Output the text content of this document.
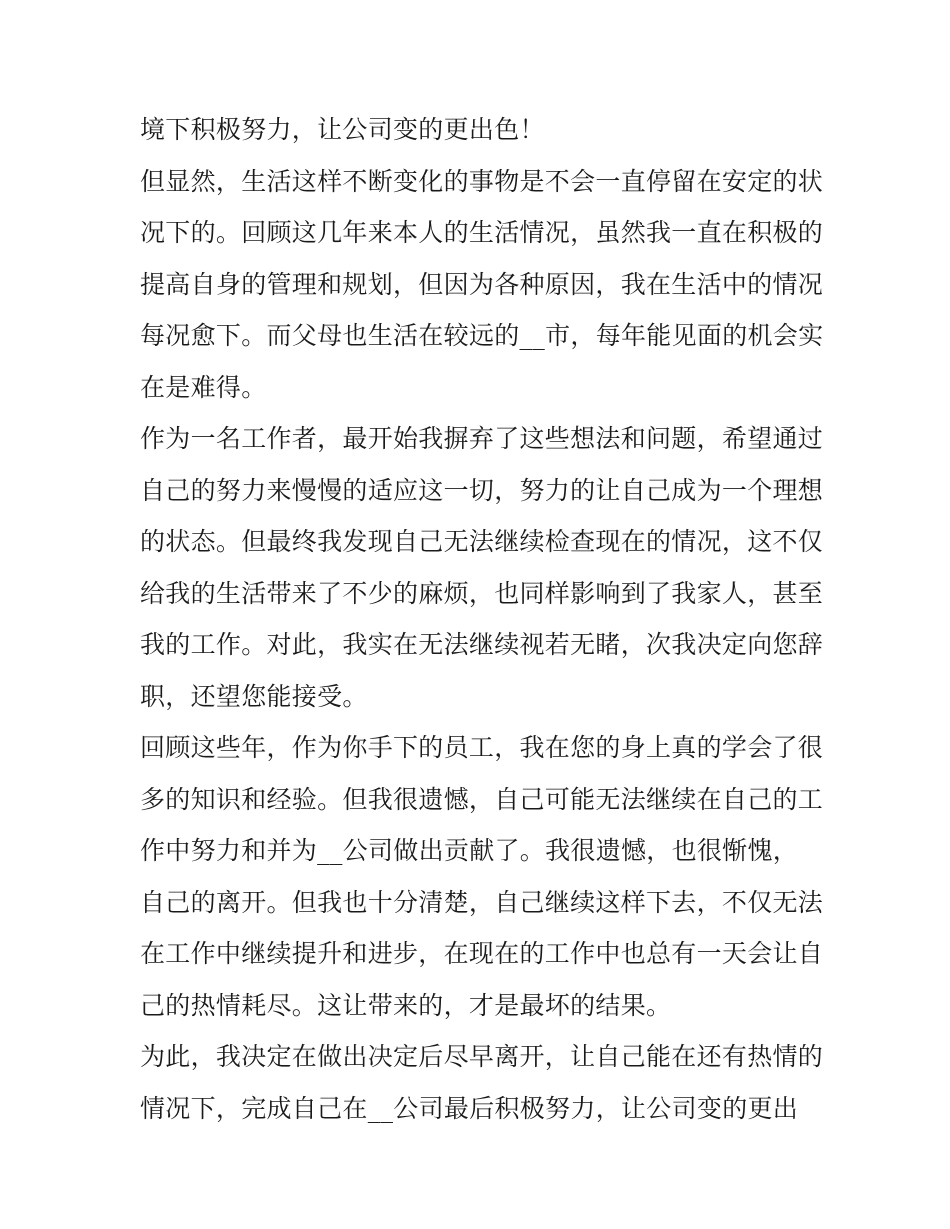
境下积极努力，让公司变的更出色！
但显然，生活这样不断变化的事物是不会一直停留在安定的状
况下的。回顾这几年来本人的生活情况，虽然我一直在积极的
提高自身的管理和规划，但因为各种原因，我在生活中的情况
每况愈下。而父母也生活在较远的__市，每年能见面的机会实
在是难得。
作为一名工作者，最开始我摒弃了这些想法和问题，希望通过
自己的努力来慢慢的适应这一切，努力的让自己成为一个理想
的状态。但最终我发现自己无法继续检查现在的情况，这不仅
给我的生活带来了不少的麻烦，也同样影响到了我家人，甚至
我的工作。对此，我实在无法继续视若无睹，次我决定向您辞
职，还望您能接受。
回顾这些年，作为你手下的员工，我在您的身上真的学会了很
多的知识和经验。但我很遗憾，自己可能无法继续在自己的工
作中努力和并为__公司做出贡献了。我很遗憾，也很惭愧，
自己的离开。但我也十分清楚，自己继续这样下去，不仅无法
在工作中继续提升和进步，在现在的工作中也总有一天会让自
己的热情耗尽。这让带来的，才是最坏的结果。
为此，我决定在做出决定后尽早离开，让自己能在还有热情的
情况下，完成自己在__公司最后积极努力，让公司变的更出
